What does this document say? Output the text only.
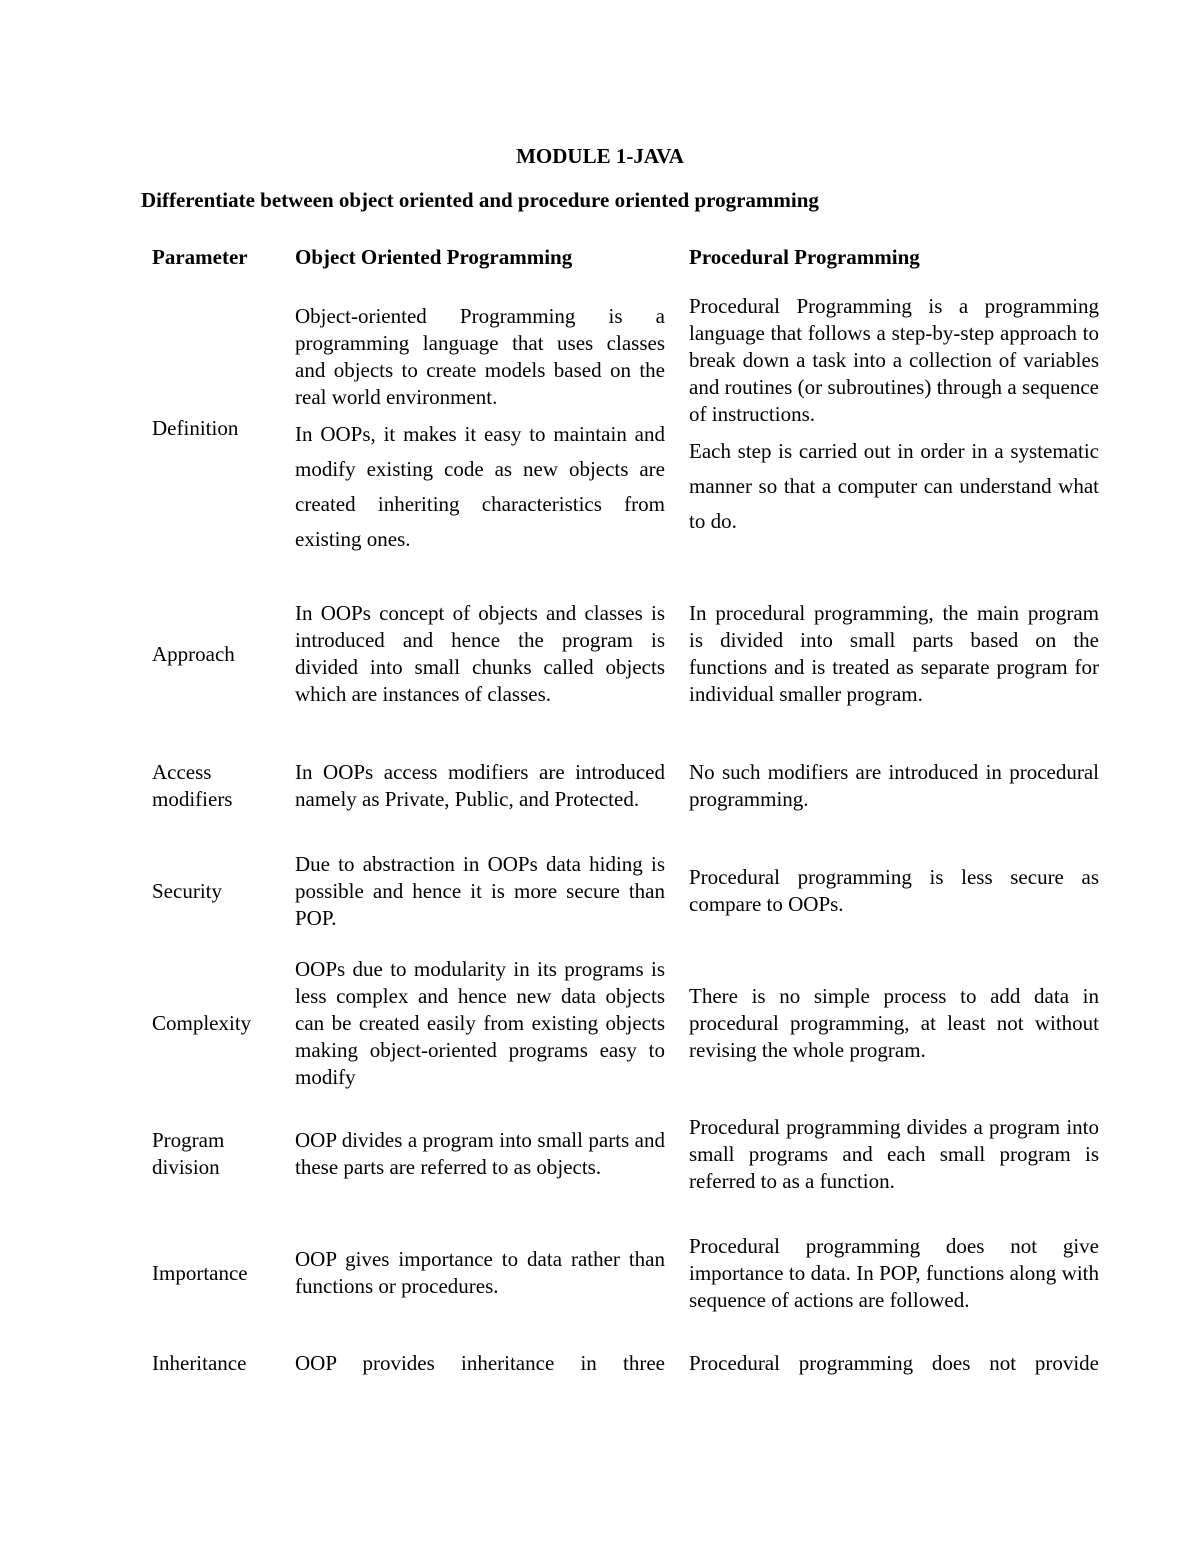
MODULE 1-JAVA
Differentiate between object oriented and procedure oriented programming
Parameter Object Oriented Programming	Procedural Programming

Definition

Object-oriented Programming is a programming language that uses classes and objects to create models based on the real world environment.

In OOPs, it makes it easy to maintain and modify existing code as new objects are created inheriting characteristics from existing ones.

Procedural Programming is a programming language that follows a step-by-step approach to break down a task into a collection of variables and routines (or subroutines) through a sequence of instructions.

Each step is carried out in order in a systematic manner so that a computer can understand what to do.

Approach

In OOPs concept of objects and classes is introduced and hence the program is divided into small chunks called objects which are instances of classes.

In procedural programming, the main program is divided into small parts based on the functions and is treated as separate program for individual smaller program.

Access modifiers

In OOPs access modifiers are introduced namely as Private, Public, and Protected.

No such modifiers are introduced in procedural programming.

Security

Due to abstraction in OOPs data hiding is possible and hence it is more secure than POP.

Procedural programming is less secure as compare to OOPs.

Complexity

OOPs due to modularity in its programs is less complex and hence new data objects can be created easily from existing objects making object-oriented programs easy to modify

There is no simple process to add data in procedural programming, at least not without revising the whole program.

Program division

OOP divides a program into small parts and these parts are referred to as objects.

Procedural programming divides a program into small programs and each small program is referred to as a function.

Importance

OOP gives importance to data rather than functions or procedures.

Procedural programming does not give importance to data. In POP, functions along with sequence of actions are followed.

Inheritance	OOP provides inheritance in three Procedural programming does not provide
